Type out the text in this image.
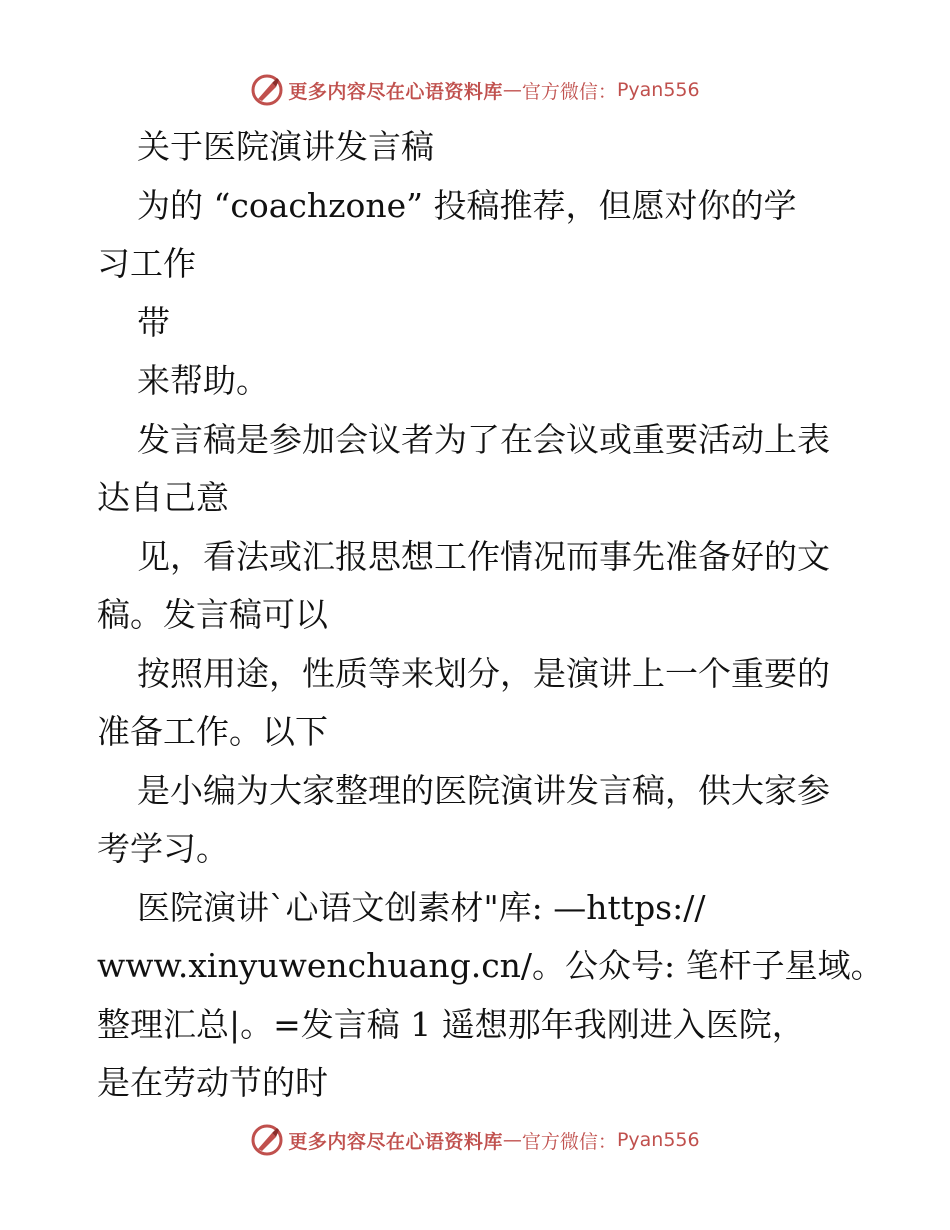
更多内容尽在心语资料库 — 官方微信： Pyan556
关于医院演讲发言稿
为的 “coachzone” 投稿推荐，但愿对你的学
习工作
带
来帮助。
发言稿是参加会议者为了在会议或重要活动上表
达自己意
见，看法或汇报思想工作情况而事先准备好的文
稿。发言稿可以
按照用途，性质等来划分，是演讲上一个重要的
准备工作。以下
是小编为大家整理的医院演讲发言稿，供大家参
考学习。
医院演讲`心语文创素材"库: —https://
www.xinyuwenchuang.cn/。公众号: 笔杆子星域。
整理汇总|。=发言稿 1 遥想那年我刚进入医院，
是在劳动节的时
更多内容尽在心语资料库 — 官方微信： Pyan556
